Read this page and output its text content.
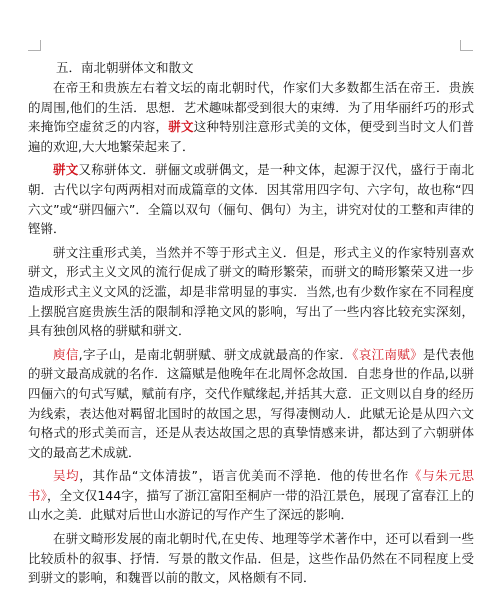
五．南北朝骈体文和散文

在帝王和贵族左右着文坛的南北朝时代，作家们大多数都生活在帝王．贵族的周围,他们的生活．思想．艺术趣味都受到很大的束缚．为了用华丽纤巧的形式来掩饰空虚贫乏的内容，骈文这种特别注意形式美的文体，便受到当时文人们普遍的欢迎,大大地繁荣起来了．

骈文又称骈体文．骈俪文或骈偶文，是一种文体，起源于汉代，盛行于南北朝．古代以字句两两相对而成篇章的文体．因其常用四字句、六字句，故也称“四六文”或“骈四俪六”．全篇以双句（俪句、偶句）为主，讲究对仗的工整和声律的铿锵．

骈文注重形式美，当然并不等于形式主义．但是，形式主义的作家特别喜欢骈文，形式主义文风的流行促成了骈文的畸形繁荣，而骈文的畸形繁荣又进一步造成形式主义文风的泛滥，却是非常明显的事实．当然,也有少数作家在不同程度上摆脱宫庭贵族生活的限制和浮艳文风的影响，写出了一些内容比较充实深刻，具有独创风格的骈赋和骈文．

庾信,字子山，是南北朝骈赋、骈文成就最高的作家．《哀江南赋》是代表他的骈文最高成就的名作．这篇赋是他晚年在北周怀念故国．自悲身世的作品,以骈四俪六的句式写赋，赋前有序，交代作赋缘起,并括其大意．正文则以自身的经历为线索，表达他对羁留北国时的故国之思，写得凄恻动人．此赋无论是从四六文句格式的形式美而言，还是从表达故国之思的真挚情感来讲，都达到了六朝骈体文的最高艺术成就．

吴均，其作品“文体清拔”，语言优美而不浮艳．他的传世名作《与朱元思书》，全文仅144字，描写了浙江富阳至桐庐一带的沿江景色，展现了富春江上的山水之美．此赋对后世山水游记的写作产生了深远的影响．

在骈文畸形发展的南北朝时代,在史传、地理等学术著作中，还可以看到一些比较质朴的叙事、抒情．写景的散文作品．但是，这些作品仍然在不同程度上受到骈文的影响，和魏晋以前的散文，风格颇有不同．
